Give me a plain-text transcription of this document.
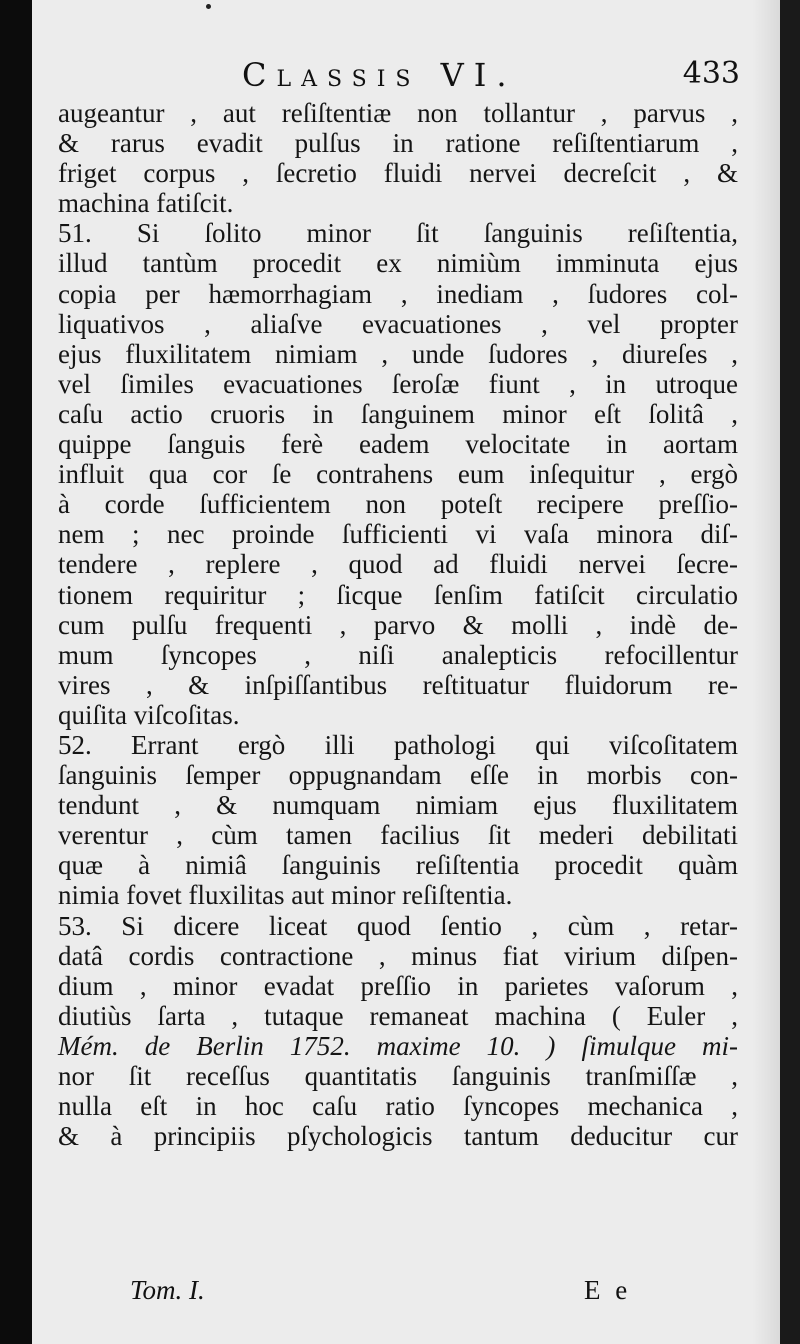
Classis VI.	433
augeantur , aut reſiſtentiæ non tollantur , parvus ,
& rarus evadit pulſus in ratione reſiſtentiarum ,
friget corpus , ſecretio fluidi nervei decreſcit , &
machina fatiſcit.
51. Si ſolito minor ſit ſanguinis reſiſtentia,
illud tantùm procedit ex nimiùm imminuta ejus
copia per hæmorrhagiam , inediam , ſudores col-
liquativos , aliaſve evacuationes , vel propter
ejus fluxilitatem nimiam , unde ſudores , diureſes ,
vel ſimiles evacuationes ſeroſæ fiunt , in utroque
caſu actio cruoris in ſanguinem minor eſt ſolitâ ,
quippe ſanguis ferè eadem velocitate in aortam
influit qua cor ſe contrahens eum inſequitur , ergò
à corde ſufficientem non poteſt recipere preſſio-
nem ; nec proinde ſufficienti vi vaſa minora diſ-
tendere , replere , quod ad fluidi nervei ſecre-
tionem requiritur ; ſicque ſenſim fatiſcit circulatio
cum pulſu frequenti , parvo & molli , indè de-
mum ſyncopes , niſi analepticis refocillentur
vires , & inſpiſſantibus reſtituatur fluidorum re-
quiſita viſcoſitas.
52. Errant ergò illi pathologi qui viſcoſitatem
ſanguinis ſemper oppugnandam eſſe in morbis con-
tendunt , & numquam nimiam ejus fluxilitatem
verentur , cùm tamen facilius ſit mederi debilitati
quæ à nimiâ ſanguinis reſiſtentia procedit quàm
nimia fovet fluxilitas aut minor reſiſtentia.
53. Si dicere liceat quod ſentio , cùm , retar-
datâ cordis contractione , minus fiat virium diſpen-
dium , minor evadat preſſio in parietes vaſorum ,
diutiùs ſarta , tutaque remaneat machina ( Euler ,
Mém. de Berlin 1752. maxime 10. ) ſimulque mi-
nor ſit receſſus quantitatis ſanguinis tranſmiſſæ ,
nulla eſt in hoc caſu ratio ſyncopes mechanica ,
& à principiis pſychologicis tantum deducitur cur
Tom. I.	E e
